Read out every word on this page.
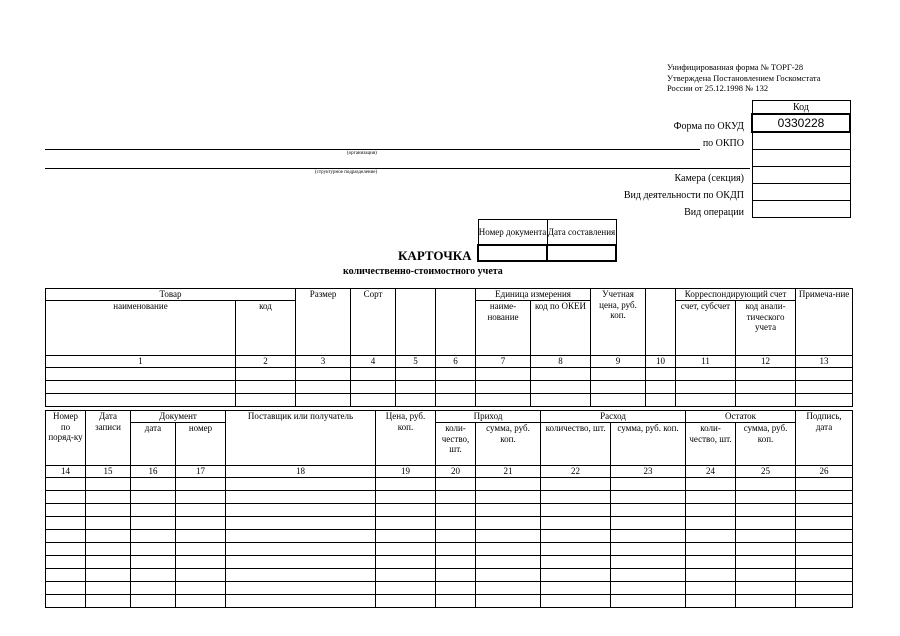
Унифицированная форма № ТОРГ-28
Утверждена Постановлением Госкомстата
России от 25.12.1998 № 132
Форма по ОКУД
по ОКПО
Камера (секция)
Вид деятельности по ОКДП
Вид операции
Код
0330228

(организация)
(структурное подразделение)
Номер документа	Дата составления

КАРТОЧКА
количественно-стоимостного учета
Товар		Размер	Сорт			Единица измерения		Учетная цена, руб. коп.		Корреспондирующий счет		Примеча-ние
наименование	код					наиме-нование	код по ОКЕИ			счет, субсчет	код анали-тического учета	
1	2	3	4	5	6	7	8	9	10	11	12	13

Номер по поряд-ку	Дата записи	Документ		Поставщик или получатель	Цена, руб. коп.	Приход		Расход		Остаток		Подпись, дата
		дата	номер			коли-чество, шт.	сумма, руб. коп.	количество, шт.	сумма, руб. коп.	коли-чество, шт.	сумма, руб. коп.	
14	15	16	17	18	19	20	21	22	23	24	25	26
